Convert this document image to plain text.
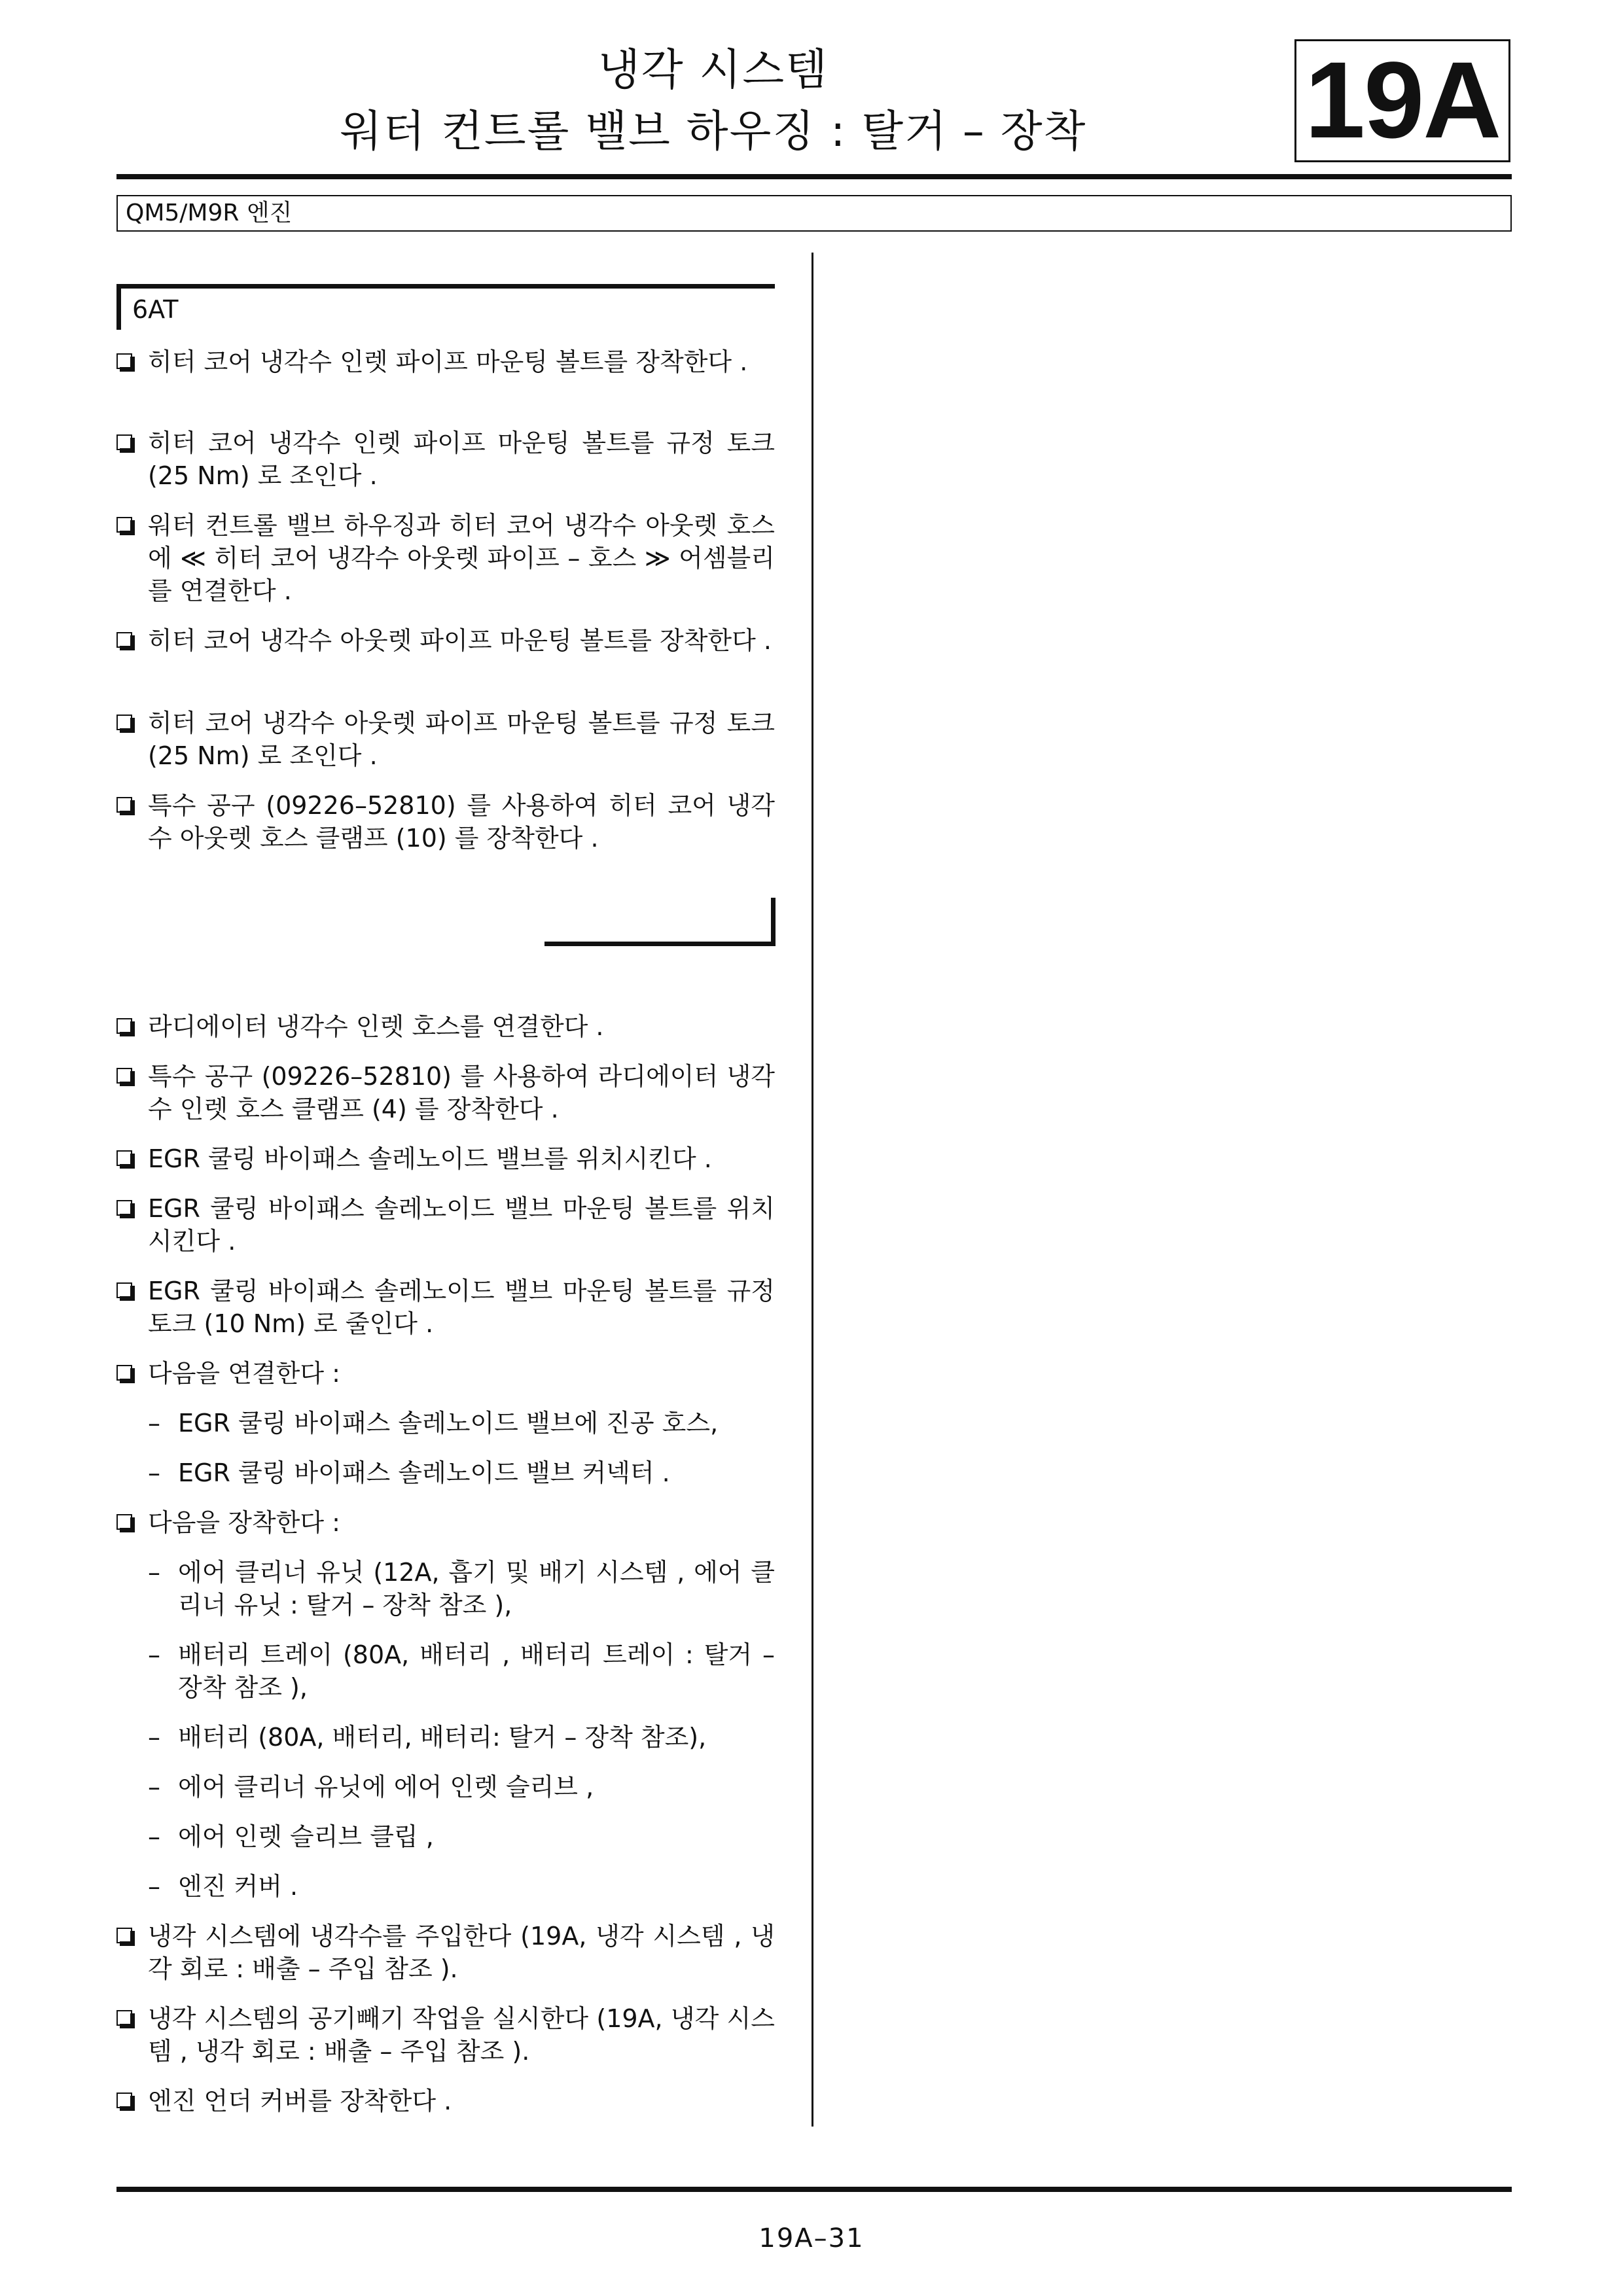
냉각 시스템
워터 컨트롤 밸브 하우징 : 탈거 – 장착	19A
QM5/M9R 엔진
6AT
히터 코어 냉각수 인렛 파이프 마운팅 볼트를 장착한다 .
히터 코어 냉각수 인렛 파이프 마운팅 볼트를 규정 토크 (25 Nm) 로 조인다 .
워터 컨트롤 밸브 하우징과 히터 코어 냉각수 아웃렛 호스에 ≪ 히터 코어 냉각수 아웃렛 파이프 – 호스 ≫ 어셈블리를 연결한다 .
히터 코어 냉각수 아웃렛 파이프 마운팅 볼트를 장착한다 .
히터 코어 냉각수 아웃렛 파이프 마운팅 볼트를 규정 토크 (25 Nm) 로 조인다 .
특수 공구 (09226–52810) 를 사용하여 히터 코어 냉각수 아웃렛 호스 클램프 (10) 를 장착한다 .
라디에이터 냉각수 인렛 호스를 연결한다 .
특수 공구 (09226–52810) 를 사용하여 라디에이터 냉각수 인렛 호스 클램프 (4) 를 장착한다 .
EGR 쿨링 바이패스 솔레노이드 밸브를 위치시킨다 .
EGR 쿨링 바이패스 솔레노이드 밸브 마운팅 볼트를 위치시킨다 .
EGR 쿨링 바이패스 솔레노이드 밸브 마운팅 볼트를 규정 토크 (10 Nm) 로 줄인다 .
다음을 연결한다 :
– EGR 쿨링 바이패스 솔레노이드 밸브에 진공 호스,
– EGR 쿨링 바이패스 솔레노이드 밸브 커넥터 .
다음을 장착한다 :
– 에어 클리너 유닛 (12A, 흡기 및 배기 시스템 , 에어 클리너 유닛 : 탈거 – 장착 참조 ),
– 배터리 트레이 (80A, 배터리 , 배터리 트레이 : 탈거 – 장착 참조 ),
– 배터리 (80A, 배터리, 배터리: 탈거 – 장착 참조),
– 에어 클리너 유닛에 에어 인렛 슬리브 ,
– 에어 인렛 슬리브 클립 ,
– 엔진 커버 .
냉각 시스템에 냉각수를 주입한다 (19A, 냉각 시스템 , 냉각 회로 : 배출 – 주입 참조 ).
냉각 시스템의 공기빼기 작업을 실시한다 (19A, 냉각 시스템 , 냉각 회로 : 배출 – 주입 참조 ).
엔진 언더 커버를 장착한다 .
19A–31
